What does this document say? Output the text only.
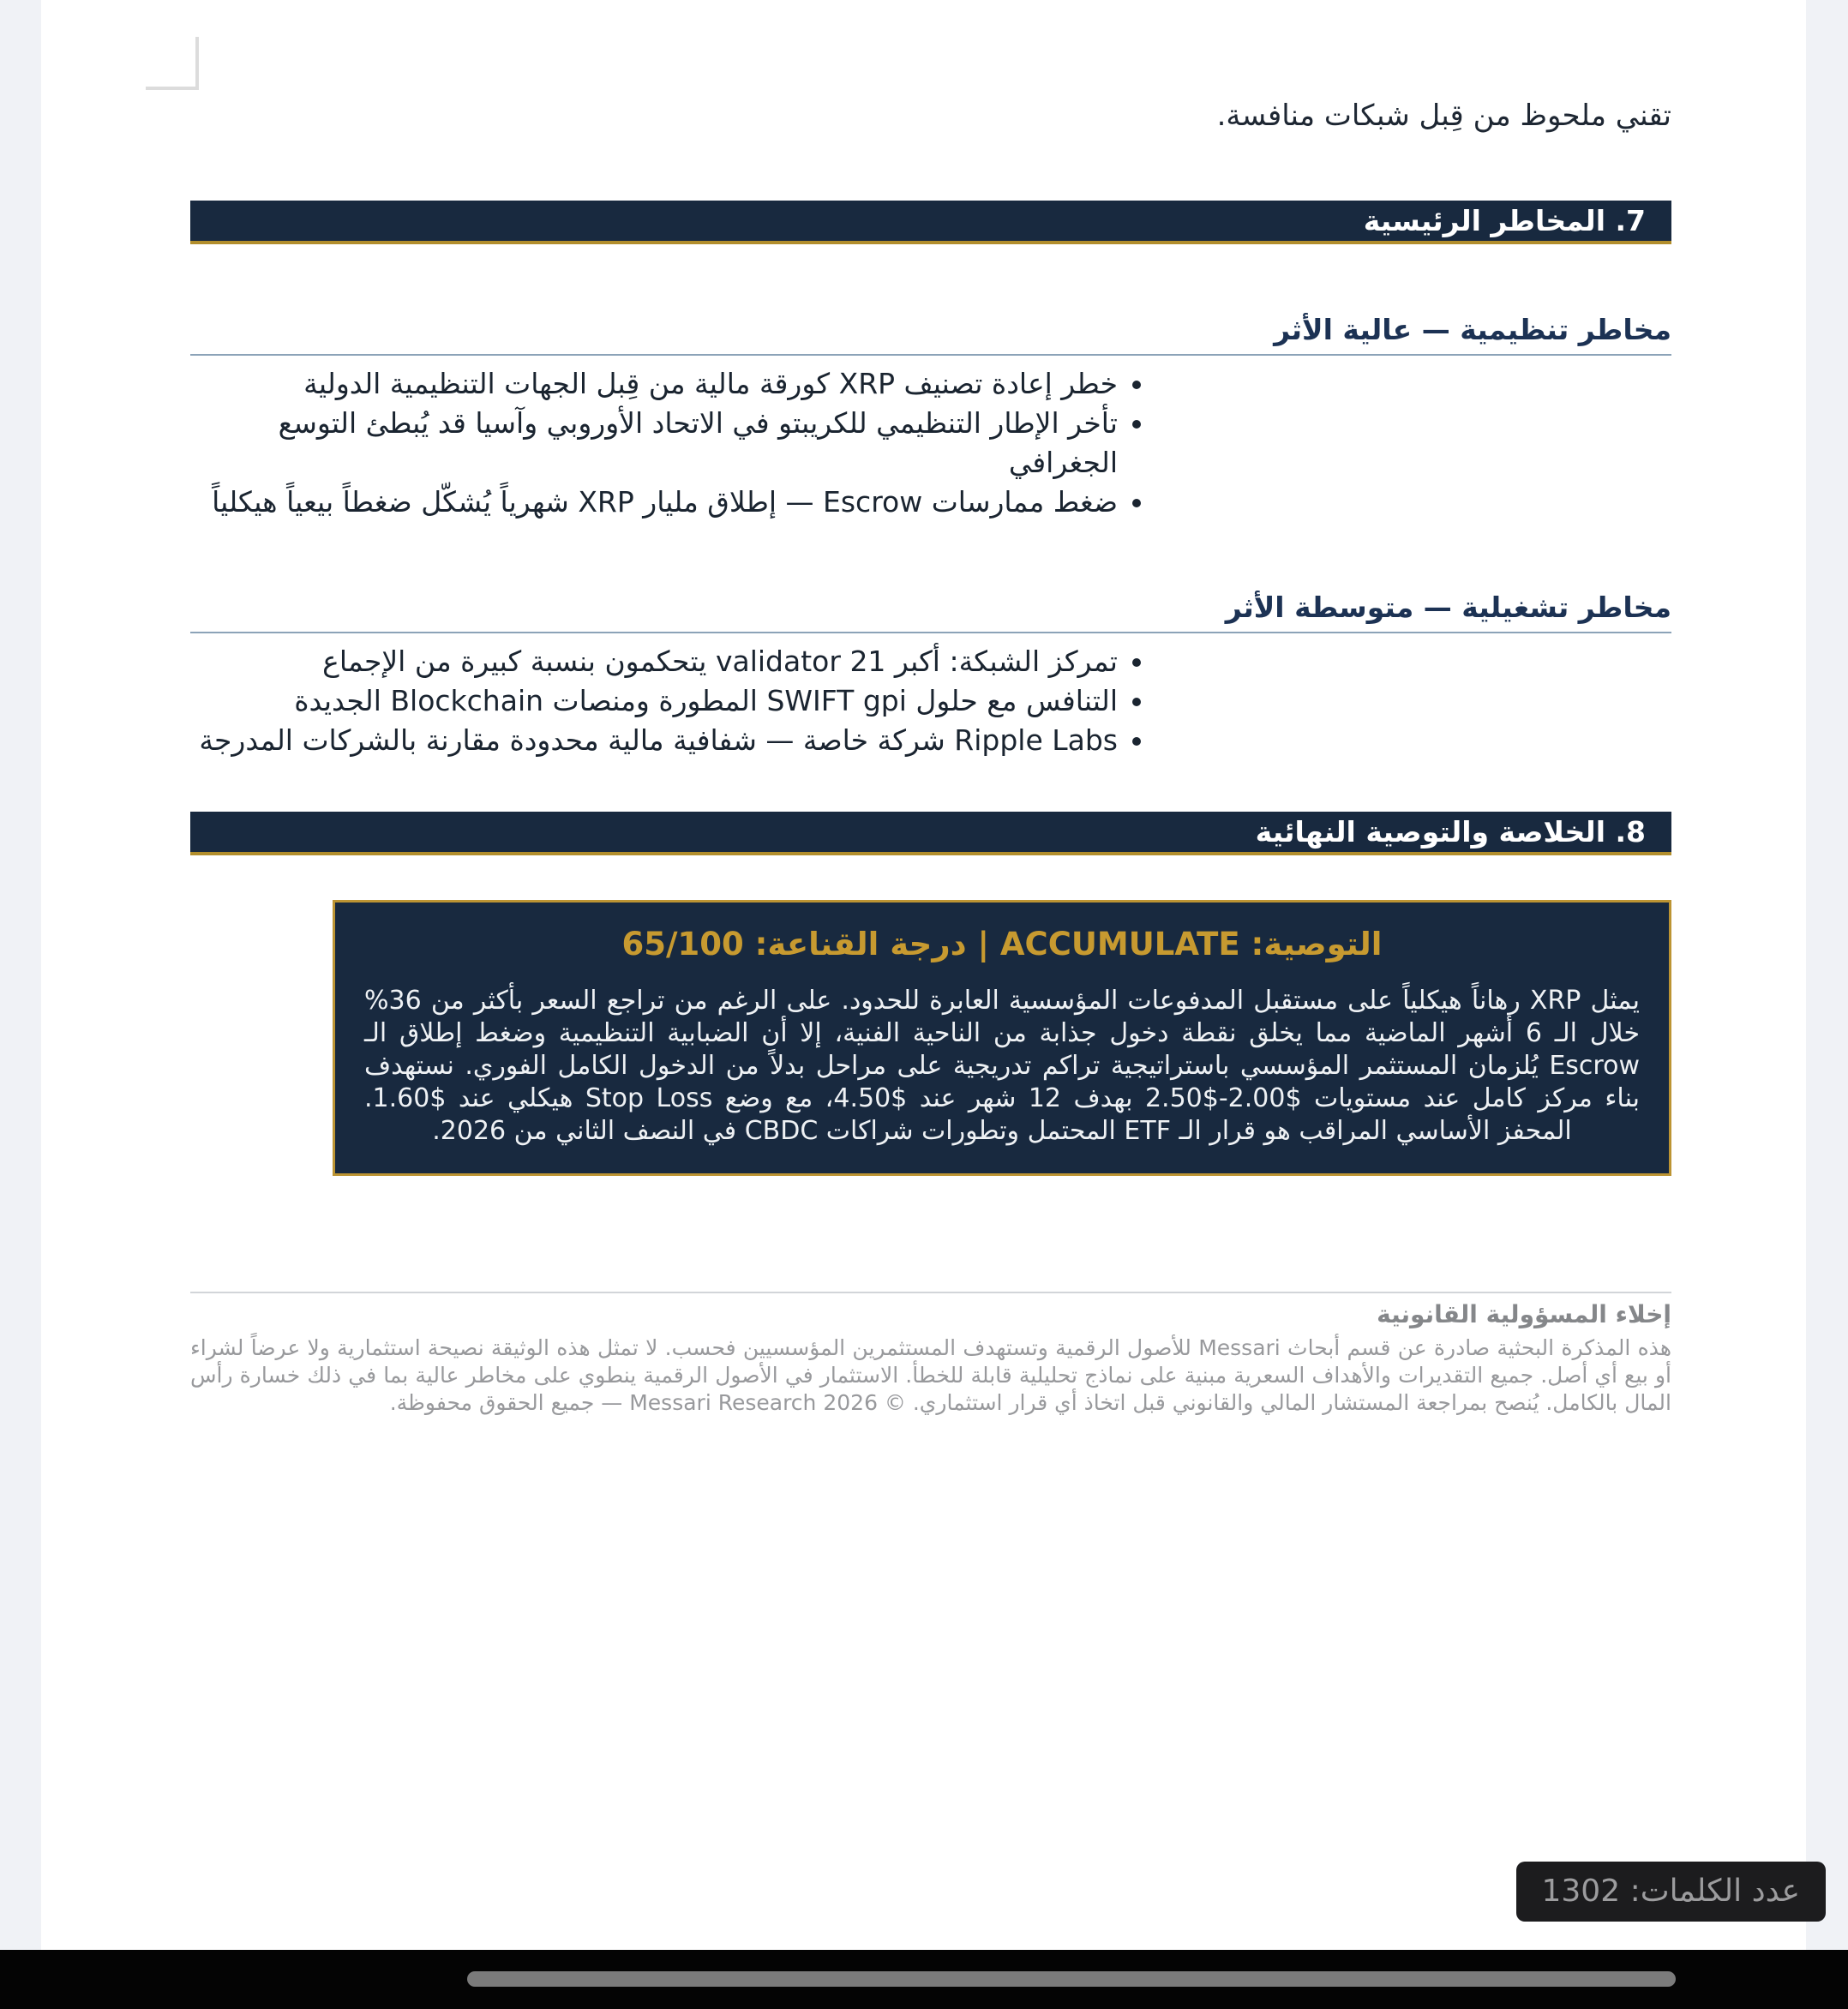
تقني ملحوظ من قِبل شبكات منافسة.

7. المخاطر الرئيسية
مخاطر تنظيمية — عالية الأثر
• خطر إعادة تصنيف XRP كورقة مالية من قِبل الجهات التنظيمية الدولية
• تأخر الإطار التنظيمي للكريبتو في الاتحاد الأوروبي وآسيا قد يُبطئ التوسع الجغرافي
• ضغط ممارسات Escrow — إطلاق مليار XRP شهرياً يُشكّل ضغطاً بيعياً هيكلياً
مخاطر تشغيلية — متوسطة الأثر
• تمركز الشبكة: أكبر 21 validator يتحكمون بنسبة كبيرة من الإجماع
• التنافس مع حلول SWIFT gpi المطورة ومنصات Blockchain الجديدة
• Ripple Labs شركة خاصة — شفافية مالية محدودة مقارنة بالشركات المدرجة
8. الخلاصة والتوصية النهائية
التوصية: ACCUMULATE | درجة القناعة: 65/100

يمثل XRP رهاناً هيكلياً على مستقبل المدفوعات المؤسسية العابرة للحدود. على الرغم من تراجع السعر بأكثر من 36% خلال الـ 6 أشهر الماضية مما يخلق نقطة دخول جذابة من الناحية الفنية، إلا أن الضبابية التنظيمية وضغط إطلاق الـ Escrow يُلزمان المستثمر المؤسسي باستراتيجية تراكم تدريجية على مراحل بدلاً من الدخول الكامل الفوري. نستهدف بناء مركز كامل عند مستويات $2.00-$2.50 بهدف 12 شهر عند $4.50، مع وضع Stop Loss هيكلي عند $1.60. المحفز الأساسي المراقب هو قرار الـ ETF المحتمل وتطورات شراكات CBDC في النصف الثاني من 2026.

إخلاء المسؤولية القانونية

هذه المذكرة البحثية صادرة عن قسم أبحاث Messari للأصول الرقمية وتستهدف المستثمرين المؤسسيين فحسب. لا تمثل هذه الوثيقة نصيحة استثمارية ولا عرضاً لشراء أو بيع أي أصل. جميع التقديرات والأهداف السعرية مبنية على نماذج تحليلية قابلة للخطأ. الاستثمار في الأصول الرقمية ينطوي على مخاطر عالية بما في ذلك خسارة رأس المال بالكامل. يُنصح بمراجعة المستشار المالي والقانوني قبل اتخاذ أي قرار استثماري. © Messari Research 2026 — جميع الحقوق محفوظة.

عدد الكلمات: 1302
